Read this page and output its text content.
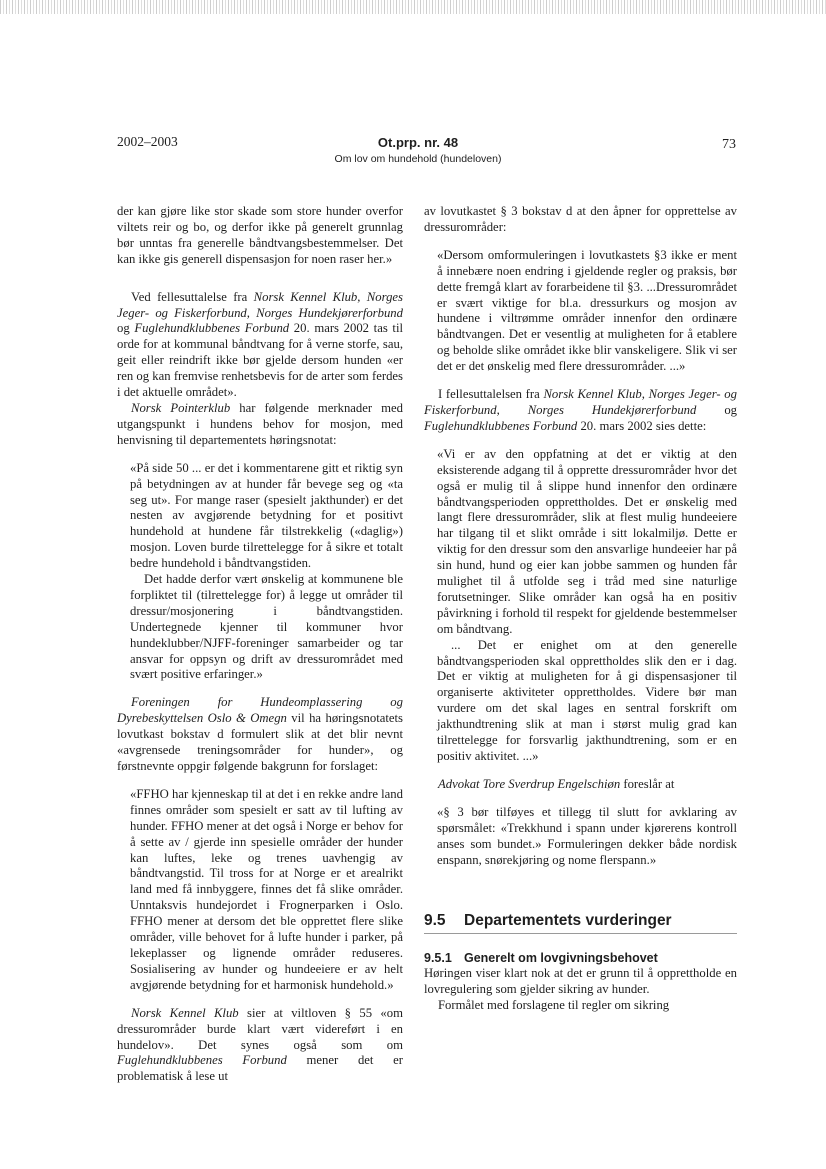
2002–2003	Ot.prp. nr. 48
Om lov om hundehold (hundeloven)
73

der kan gjøre like stor skade som store hunder overfor viltets reir og bo, og derfor ikke på generelt grunnlag bør unntas fra generelle båndtvangsbestemmelser. Det kan ikke gis generell dispensasjon for noen raser her.»

Ved fellesuttalelse fra Norsk Kennel Klub, Norges Jeger- og Fiskerforbund, Norges Hundekjørerforbund og Fuglehundklubbenes Forbund 20. mars 2002 tas til orde for at kommunal båndtvang for å verne storfe, sau, geit eller reindrift ikke bør gjelde dersom hunden «er ren og kan fremvise renhetsbevis for de arter som ferdes i det aktuelle området».

Norsk Pointerklub har følgende merknader med utgangspunkt i hundens behov for mosjon, med henvisning til departementets høringsnotat:

«På side 50 ... er det i kommentarene gitt et riktig syn på betydningen av at hunder får bevege seg og «ta seg ut». For mange raser (spesielt jakthunder) er det nesten av avgjørende betydning for et positivt hundehold at hundene får tilstrekkelig («daglig») mosjon. Loven burde tilrettelegge for å sikre et totalt bedre hundehold i båndtvangstiden.

Det hadde derfor vært ønskelig at kommunene ble forpliktet til (tilrettelegge for) å legge ut områder til dressur/mosjonering i båndtvangstiden. Undertegnede kjenner til kommuner hvor hundeklubber/NJFF-foreninger samarbeider og tar ansvar for oppsyn og drift av dressurområdet med svært positive erfaringer.»

Foreningen for Hundeomplassering og Dyrebeskyttelsen Oslo & Omegn vil ha høringsnotatets lovutkast bokstav d formulert slik at det blir nevnt «avgrensede treningsområder for hunder», og førstnevnte oppgir følgende bakgrunn for forslaget:

«FFHO har kjenneskap til at det i en rekke andre land finnes områder som spesielt er satt av til lufting av hunder. FFHO mener at det også i Norge er behov for å sette av / gjerde inn spesielle områder der hunder kan luftes, leke og trenes uavhengig av båndtvangstid. Til tross for at Norge er et arealrikt land med få innbyggere, finnes det få slike områder. Unntaksvis hundejordet i Frognerparken i Oslo. FFHO mener at dersom det ble opprettet flere slike områder, ville behovet for å lufte hunder i parker, på lekeplasser og lignende områder reduseres. Sosialisering av hunder og hundeeiere er av helt avgjørende betydning for et harmonisk hundehold.»

Norsk Kennel Klub sier at viltloven § 55 «om dressurområder burde klart vært videreført i en hundelov». Det synes også som om Fuglehundklubbenes Forbund mener det er problematisk å lese ut

av lovutkastet § 3 bokstav d at den åpner for opprettelse av dressurområder:

«Dersom omformuleringen i lovutkastets §3 ikke er ment å innebære noen endring i gjeldende regler og praksis, bør dette fremgå klart av forarbeidene til §3. ...Dressurområdet er svært viktige for bl.a. dressurkurs og mosjon av hundene i viltrømme områder innenfor den ordinære båndtvangen. Det er vesentlig at muligheten for å etablere og beholde slike området ikke blir vanskeligere. Slik vi ser det er det ønskelig med flere dressurområder. ...»

I fellesuttalelsen fra Norsk Kennel Klub, Norges Jeger- og Fiskerforbund, Norges Hundekjørerforbund og Fuglehundklubbenes Forbund 20. mars 2002 sies dette:

«Vi er av den oppfatning at det er viktig at den eksisterende adgang til å opprette dressurområder hvor det også er mulig til å slippe hund innenfor den ordinære båndtvangsperioden opprettholdes. Det er ønskelig med langt flere dressurområder, slik at flest mulig hundeeiere har tilgang til et slikt område i sitt lokalmiljø. Dette er viktig for den dressur som den ansvarlige hundeeier har på sin hund, hund og eier kan jobbe sammen og hunden får mulighet til å utfolde seg i tråd med sine naturlige forutsetninger. Slike områder kan også ha en positiv påvirkning i forhold til respekt for gjeldende bestemmelser om båndtvang.

... Det er enighet om at den generelle båndtvangsperioden skal opprettholdes slik den er i dag. Det er viktig at muligheten for å gi dispensasjoner til organiserte aktiviteter opprettholdes. Videre bør man vurdere om det skal lages en sentral forskrift om jakthundtrening slik at man i størst mulig grad kan tilrettelegge for forsvarlig jakthundtrening, som er en positiv aktivitet. ...»

Advokat Tore Sverdrup Engelschiøn foreslår at

«§ 3 bør tilføyes et tillegg til slutt for avklaring av spørsmålet: «Trekkhund i spann under kjørerens kontroll anses som bundet.» Formuleringen dekker både nordisk enspann, snørekjøring og nome flerspann.»

9.5 Departementets vurderinger
9.5.1 Generelt om lovgivningsbehovet

Høringen viser klart nok at det er grunn til å opprettholde en lovregulering som gjelder sikring av hunder.

Formålet med forslagene til regler om sikring
